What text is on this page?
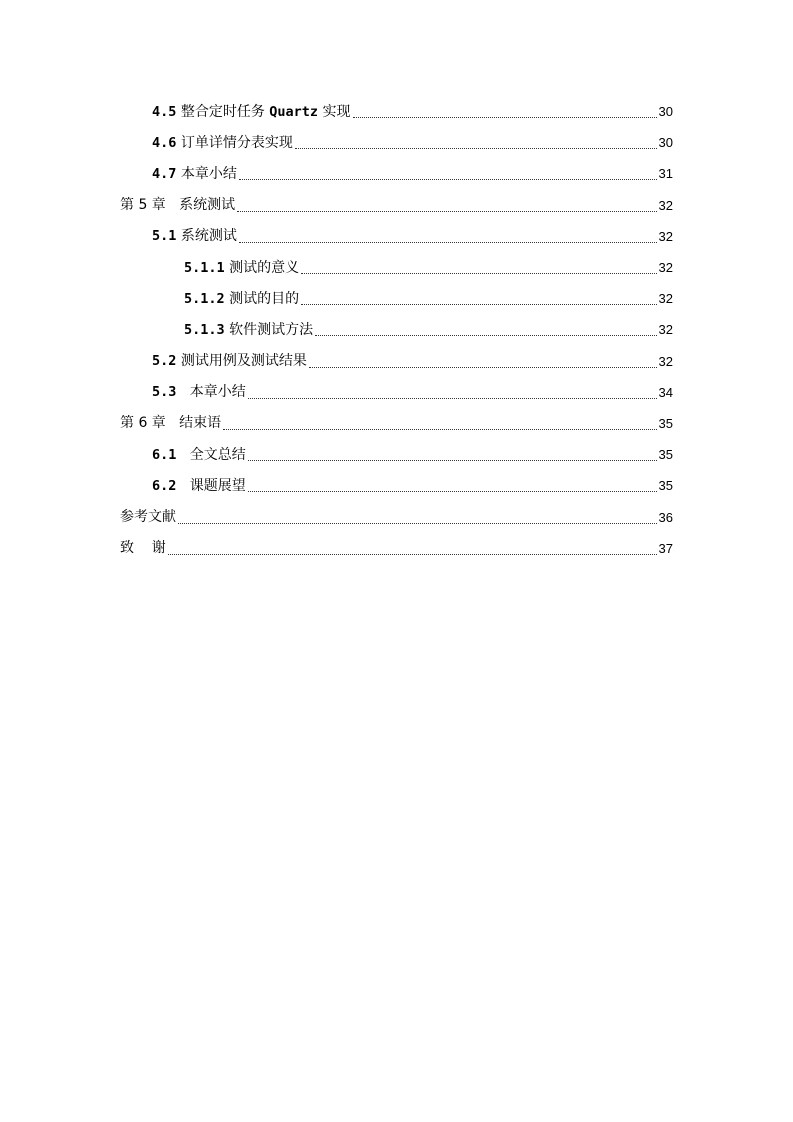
4.5 整合定时任务 Quartz 实现	30
4.6 订单详情分表实现	30
4.7 本章小结	31
第 5 章   系统测试	32
5.1 系统测试	32
5.1.1 测试的意义	32
5.1.2 测试的目的	32
5.1.3 软件测试方法	32
5.2 测试用例及测试结果	32
5.3   本章小结	34
第 6 章   结束语	35
6.1   全文总结	35
6.2   课题展望	35
参考文献	36
致    谢	37
